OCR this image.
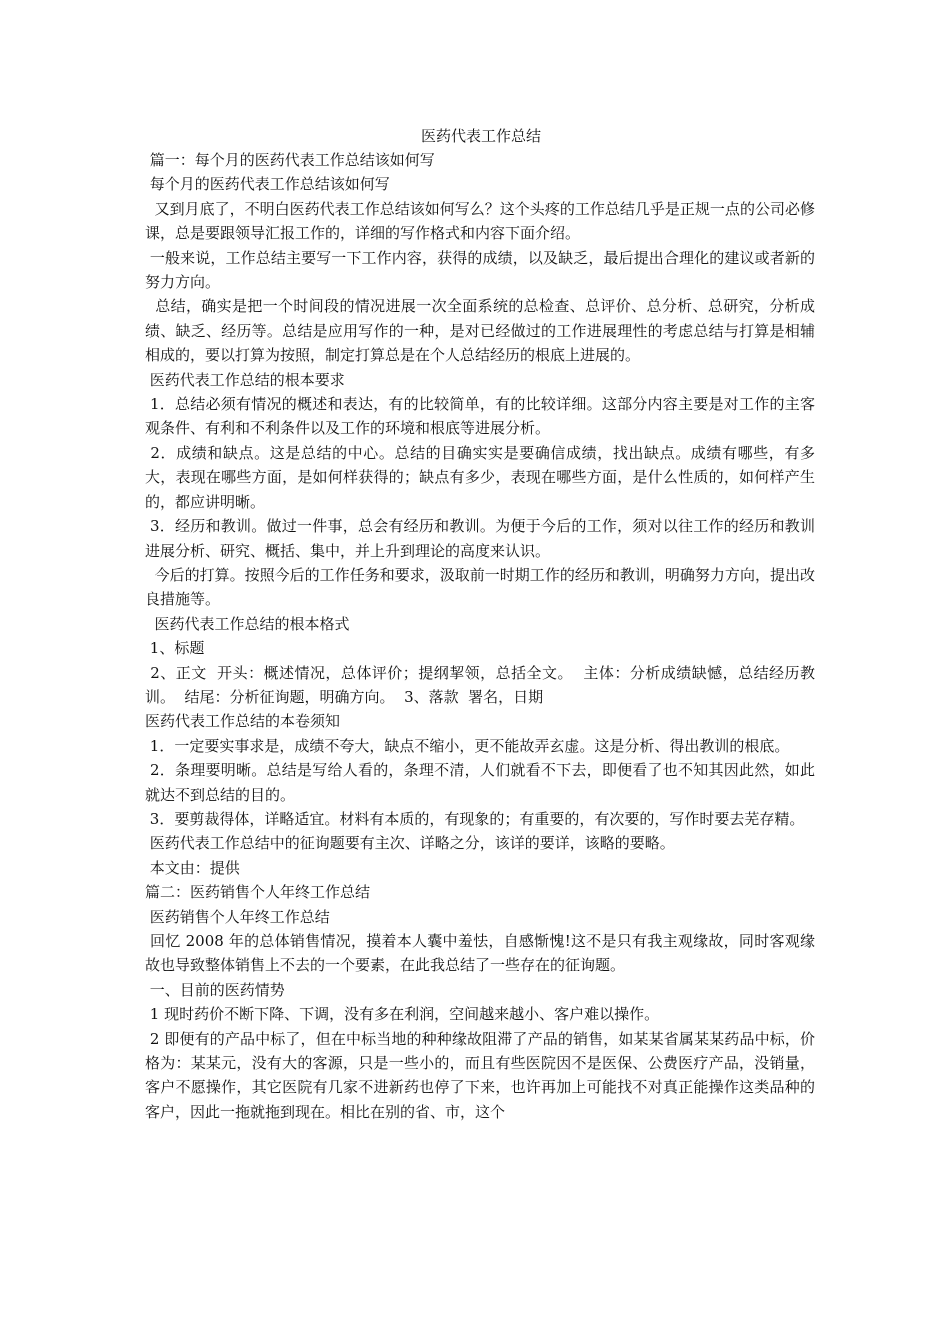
医药代表工作总结

篇一：每个月的医药代表工作总结该如何写

每个月的医药代表工作总结该如何写

又到月底了，不明白医药代表工作总结该如何写么？这个头疼的工作总结几乎是正规一点的公司必修课，总是要跟领导汇报工作的，详细的写作格式和内容下面介绍。

一般来说，工作总结主要写一下工作内容，获得的成绩，以及缺乏，最后提出合理化的建议或者新的努力方向。

总结，确实是把一个时间段的情况进展一次全面系统的总检查、总评价、总分析、总研究，分析成绩、缺乏、经历等。总结是应用写作的一种，是对已经做过的工作进展理性的考虑总结与打算是相辅相成的，要以打算为按照，制定打算总是在个人总结经历的根底上进展的。

医药代表工作总结的根本要求

1．总结必须有情况的概述和表达，有的比较简单，有的比较详细。这部分内容主要是对工作的主客观条件、有利和不利条件以及工作的环境和根底等进展分析。

2．成绩和缺点。这是总结的中心。总结的目确实实是要确信成绩，找出缺点。成绩有哪些，有多大，表现在哪些方面，是如何样获得的；缺点有多少，表现在哪些方面，是什么性质的，如何样产生的，都应讲明晰。

3．经历和教训。做过一件事，总会有经历和教训。为便于今后的工作，须对以往工作的经历和教训进展分析、研究、概括、集中，并上升到理论的高度来认识。

今后的打算。按照今后的工作任务和要求，汲取前一时期工作的经历和教训，明确努力方向，提出改良措施等。

医药代表工作总结的根本格式

1、标题

2、正文  开头：概述情况，总体评价；提纲挈领，总括全文。  主体：分析成绩缺憾，总结经历教训。  结尾：分析征询题，明确方向。  3、落款  署名，日期

医药代表工作总结的本卷须知

1．一定要实事求是，成绩不夸大，缺点不缩小，更不能故弄玄虚。这是分析、得出教训的根底。

2．条理要明晰。总结是写给人看的，条理不清，人们就看不下去，即便看了也不知其因此然，如此就达不到总结的目的。

3．要剪裁得体，详略适宜。材料有本质的，有现象的；有重要的，有次要的，写作时要去芜存精。

医药代表工作总结中的征询题要有主次、详略之分，该详的要详，该略的要略。

本文由：提供

篇二：医药销售个人年终工作总结

医药销售个人年终工作总结

回忆 2008 年的总体销售情况，摸着本人囊中羞怯，自感惭愧!这不是只有我主观缘故，同时客观缘故也导致整体销售上不去的一个要素，在此我总结了一些存在的征询题。

一、目前的医药情势

1 现时药价不断下降、下调，没有多在利润，空间越来越小、客户难以操作。

2 即便有的产品中标了，但在中标当地的种种缘故阻滞了产品的销售，如某某省属某某药品中标，价格为：某某元，没有大的客源，只是一些小的，而且有些医院因不是医保、公费医疗产品，没销量，客户不愿操作，其它医院有几家不进新药也停了下来，也许再加上可能找不对真正能操作这类品种的客户，因此一拖就拖到现在。相比在别的省、市，这个
